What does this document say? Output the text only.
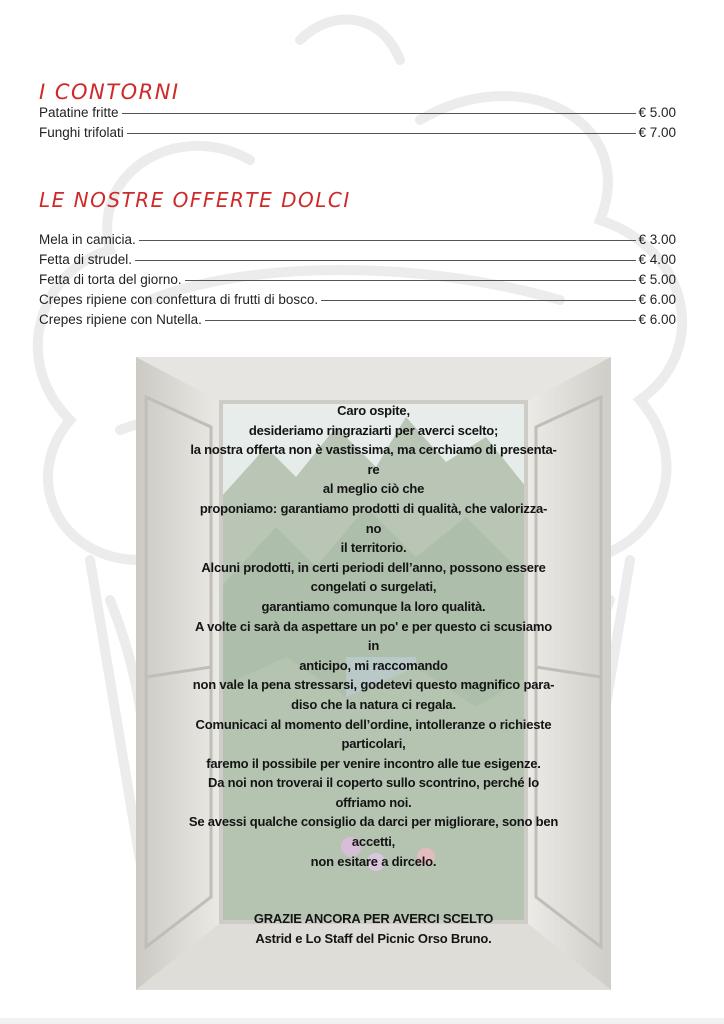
I CONTORNI
Patatine fritte	€ 5.00
Funghi trifolati	€ 7.00
LE NOSTRE OFFERTE DOLCI
Mela in camicia.	€ 3.00
Fetta di strudel.	€ 4.00
Fetta di torta del giorno.	€ 5.00
Crepes ripiene con confettura di frutti di bosco.	€ 6.00
Crepes ripiene con Nutella.	€ 6.00
Caro ospite,
desideriamo ringraziarti per averci scelto;
la nostra offerta non è vastissima, ma cerchiamo di presenta-
re
al meglio ciò che
proponiamo: garantiamo prodotti di qualità, che valorizza-
no
il territorio.
Alcuni prodotti, in certi periodi dell’anno, possono essere
congelati o surgelati,
garantiamo comunque la loro qualità.
A volte ci sarà da aspettare un po' e per questo ci scusiamo
in
anticipo, mi raccomando
non vale la pena stressarsi, godetevi questo magnifico para-
diso che la natura ci regala.
Comunicaci al momento dell’ordine, intolleranze o richieste
particolari,
faremo il possibile per venire incontro alle tue esigenze.
Da noi non troverai il coperto sullo scontrino, perché lo
offriamo noi.
Se avessi qualche consiglio da darci per migliorare, sono ben
accetti,
non esitare a dircelo.
GRAZIE ANCORA PER AVERCI SCELTO
Astrid e Lo Staff del Picnic Orso Bruno.
